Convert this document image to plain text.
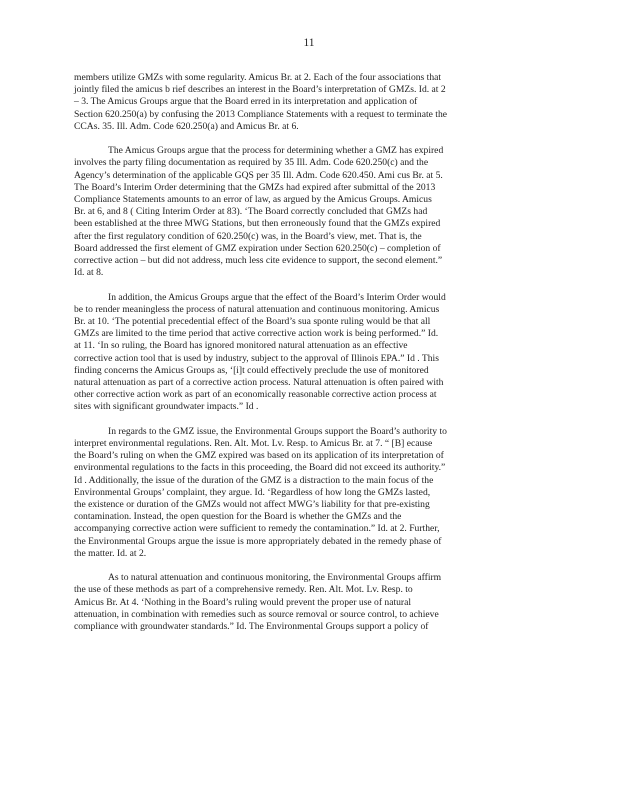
11
members utilize GMZs with some regularity. Amicus Br. at 2. Each of the four associations that
jointly filed the amicus b rief describes an interest in the Board’s interpretation of GMZs. Id. at 2
– 3. The Amicus Groups argue that the Board erred in its interpretation and application of
Section 620.250(a) by confusing the 2013 Compliance Statements with a request to terminate the
CCAs. 35. Ill. Adm. Code 620.250(a) and Amicus Br. at 6.
The Amicus Groups argue that the process for determining whether a GMZ has expired
involves the party filing documentation as required by 35 Ill. Adm. Code 620.250(c) and the
Agency’s determination of the applicable GQS per 35 Ill. Adm. Code 620.450. Ami cus Br. at 5.
The Board’s Interim Order determining that the GMZs had expired after submittal of the 2013
Compliance Statements amounts to an error of law, as argued by the Amicus Groups. Amicus
Br. at 6, and 8 ( Citing Interim Order at 83). ‘The Board correctly concluded that GMZs had
been established at the three MWG Stations, but then erroneously found that the GMZs expired
after the first regulatory condition of 620.250(c) was, in the Board’s view, met. That is, the
Board addressed the first element of GMZ expiration under Section 620.250(c) – completion of
corrective action – but did not address, much less cite evidence to support, the second element.”
Id. at 8.
In addition, the Amicus Groups argue that the effect of the Board’s Interim Order would
be to render meaningless the process of natural attenuation and continuous monitoring. Amicus
Br. at 10. ‘The potential precedential effect of the Board’s sua sponte ruling would be that all
GMZs are limited to the time period that active corrective action work is being performed.” Id.
at 11. ‘In so ruling, the Board has ignored monitored natural attenuation as an effective
corrective action tool that is used by industry, subject to the approval of Illinois EPA.” Id . This
finding concerns the Amicus Groups as, ‘[i]t could effectively preclude the use of monitored
natural attenuation as part of a corrective action process. Natural attenuation is often paired with
other corrective action work as part of an economically reasonable corrective action process at
sites with significant groundwater impacts.” Id .
In regards to the GMZ issue, the Environmental Groups support the Board’s authority to
interpret environmental regulations. Ren. Alt. Mot. Lv. Resp. to Amicus Br. at 7. “ [B] ecause
the Board’s ruling on when the GMZ expired was based on its application of its interpretation of
environmental regulations to the facts in this proceeding, the Board did not exceed its authority.”
Id . Additionally, the issue of the duration of the GMZ is a distraction to the main focus of the
Environmental Groups’ complaint, they argue. Id. ‘Regardless of how long the GMZs lasted,
the existence or duration of the GMZs would not affect MWG’s liability for that pre-existing
contamination. Instead, the open question for the Board is whether the GMZs and the
accompanying corrective action were sufficient to remedy the contamination.” Id. at 2. Further,
the Environmental Groups argue the issue is more appropriately debated in the remedy phase of
the matter. Id. at 2.
As to natural attenuation and continuous monitoring, the Environmental Groups affirm
the use of these methods as part of a comprehensive remedy. Ren. Alt. Mot. Lv. Resp. to
Amicus Br. At 4. ‘Nothing in the Board’s ruling would prevent the proper use of natural
attenuation, in combination with remedies such as source removal or source control, to achieve
compliance with groundwater standards.” Id. The Environmental Groups support a policy of
